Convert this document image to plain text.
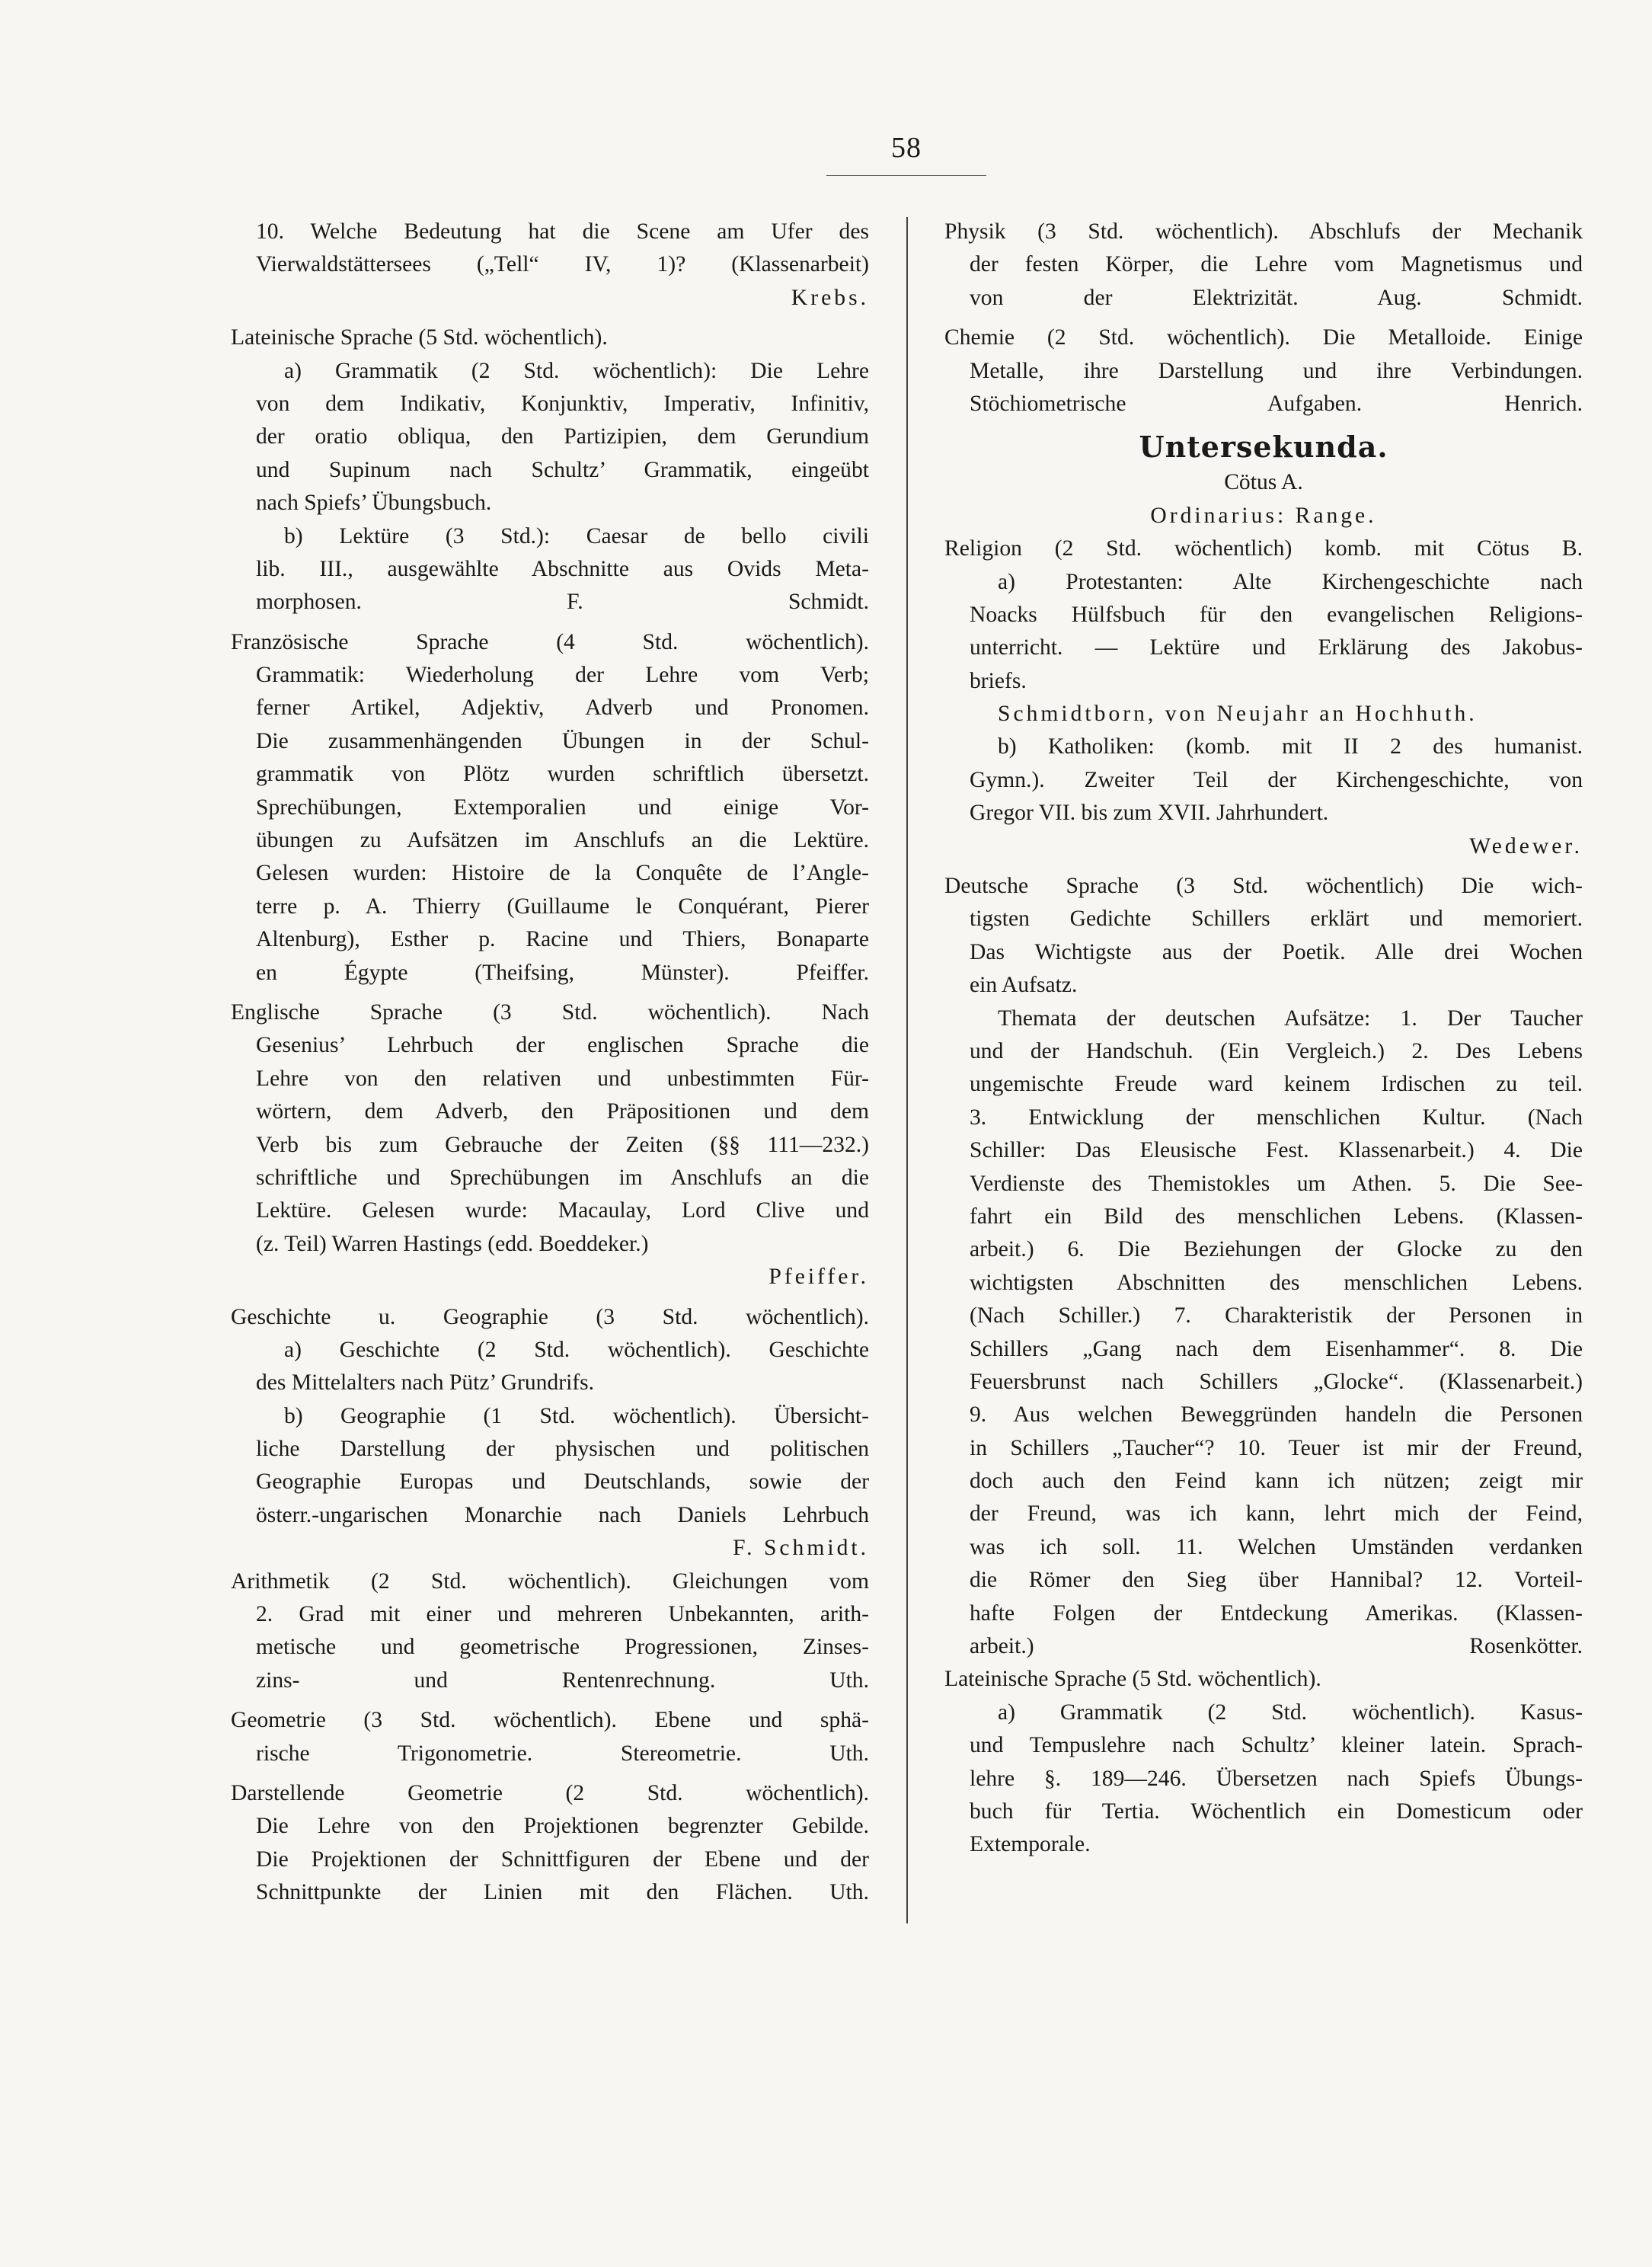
58
10. Welche Bedeutung hat die Scene am Ufer des
Vierwaldstättersees („Tell“ IV, 1)? (Klassenarbeit)
Krebs.
Lateinische Sprache (5 Std. wöchentlich).
a) Grammatik (2 Std. wöchentlich): Die Lehre
von dem Indikativ, Konjunktiv, Imperativ, Infinitiv,
der oratio obliqua, den Partizipien, dem Gerundium
und Supinum nach Schultz’ Grammatik, eingeübt
nach Spiefs’ Übungsbuch.
b) Lektüre (3 Std.): Caesar de bello civili
lib. III., ausgewählte Abschnitte aus Ovids Meta-
morphosen. F. Schmidt.
Französische Sprache (4 Std. wöchentlich).
Grammatik: Wiederholung der Lehre vom Verb;
ferner Artikel, Adjektiv, Adverb und Pronomen.
Die zusammenhängenden Übungen in der Schul-
grammatik von Plötz wurden schriftlich übersetzt.
Sprechübungen, Extemporalien und einige Vor-
übungen zu Aufsätzen im Anschlufs an die Lektüre.
Gelesen wurden: Histoire de la Conquête de l’Angle-
terre p. A. Thierry (Guillaume le Conquérant, Pierer
Altenburg), Esther p. Racine und Thiers, Bonaparte
en Égypte (Theifsing, Münster). Pfeiffer.
Englische Sprache (3 Std. wöchentlich). Nach
Gesenius’ Lehrbuch der englischen Sprache die
Lehre von den relativen und unbestimmten Für-
wörtern, dem Adverb, den Präpositionen und dem
Verb bis zum Gebrauche der Zeiten (§§ 111—232.)
schriftliche und Sprechübungen im Anschlufs an die
Lektüre. Gelesen wurde: Macaulay, Lord Clive und
(z. Teil) Warren Hastings (edd. Boeddeker.)
Pfeiffer.
Geschichte u. Geographie (3 Std. wöchentlich).
a) Geschichte (2 Std. wöchentlich). Geschichte
des Mittelalters nach Pütz’ Grundrifs.
b) Geographie (1 Std. wöchentlich). Übersicht-
liche Darstellung der physischen und politischen
Geographie Europas und Deutschlands, sowie der
österr.-ungarischen Monarchie nach Daniels Lehrbuch
F. Schmidt.
Arithmetik (2 Std. wöchentlich). Gleichungen vom
2. Grad mit einer und mehreren Unbekannten, arith-
metische und geometrische Progressionen, Zinses-
zins- und Rentenrechnung. Uth.
Geometrie (3 Std. wöchentlich). Ebene und sphä-
rische Trigonometrie. Stereometrie. Uth.
Darstellende Geometrie (2 Std. wöchentlich).
Die Lehre von den Projektionen begrenzter Gebilde.
Die Projektionen der Schnittfiguren der Ebene und der
Schnittpunkte der Linien mit den Flächen. Uth.
Physik (3 Std. wöchentlich). Abschlufs der Mechanik
der festen Körper, die Lehre vom Magnetismus und
von der Elektrizität. Aug. Schmidt.
Chemie (2 Std. wöchentlich). Die Metalloide. Einige
Metalle, ihre Darstellung und ihre Verbindungen.
Stöchiometrische Aufgaben. Henrich.
Untersekunda.
Cötus A.
Ordinarius: Range.
Religion (2 Std. wöchentlich) komb. mit Cötus B.
a) Protestanten: Alte Kirchengeschichte nach
Noacks Hülfsbuch für den evangelischen Religions-
unterricht. — Lektüre und Erklärung des Jakobus-
briefs.
Schmidtborn, von Neujahr an Hochhuth.
b) Katholiken: (komb. mit II 2 des humanist.
Gymn.). Zweiter Teil der Kirchengeschichte, von
Gregor VII. bis zum XVII. Jahrhundert.
Wedewer.
Deutsche Sprache (3 Std. wöchentlich) Die wich-
tigsten Gedichte Schillers erklärt und memoriert.
Das Wichtigste aus der Poetik. Alle drei Wochen
ein Aufsatz.
Themata der deutschen Aufsätze: 1. Der Taucher
und der Handschuh. (Ein Vergleich.) 2. Des Lebens
ungemischte Freude ward keinem Irdischen zu teil.
3. Entwicklung der menschlichen Kultur. (Nach
Schiller: Das Eleusische Fest. Klassenarbeit.) 4. Die
Verdienste des Themistokles um Athen. 5. Die See-
fahrt ein Bild des menschlichen Lebens. (Klassen-
arbeit.) 6. Die Beziehungen der Glocke zu den
wichtigsten Abschnitten des menschlichen Lebens.
(Nach Schiller.) 7. Charakteristik der Personen in
Schillers „Gang nach dem Eisenhammer“. 8. Die
Feuersbrunst nach Schillers „Glocke“. (Klassenarbeit.)
9. Aus welchen Beweggründen handeln die Personen
in Schillers „Taucher“? 10. Teuer ist mir der Freund,
doch auch den Feind kann ich nützen; zeigt mir
der Freund, was ich kann, lehrt mich der Feind,
was ich soll. 11. Welchen Umständen verdanken
die Römer den Sieg über Hannibal? 12. Vorteil-
hafte Folgen der Entdeckung Amerikas. (Klassen-
arbeit.) Rosenkötter.
Lateinische Sprache (5 Std. wöchentlich).
a) Grammatik (2 Std. wöchentlich). Kasus-
und Tempuslehre nach Schultz’ kleiner latein. Sprach-
lehre §. 189—246. Übersetzen nach Spiefs Übungs-
buch für Tertia. Wöchentlich ein Domesticum oder
Extemporale.
